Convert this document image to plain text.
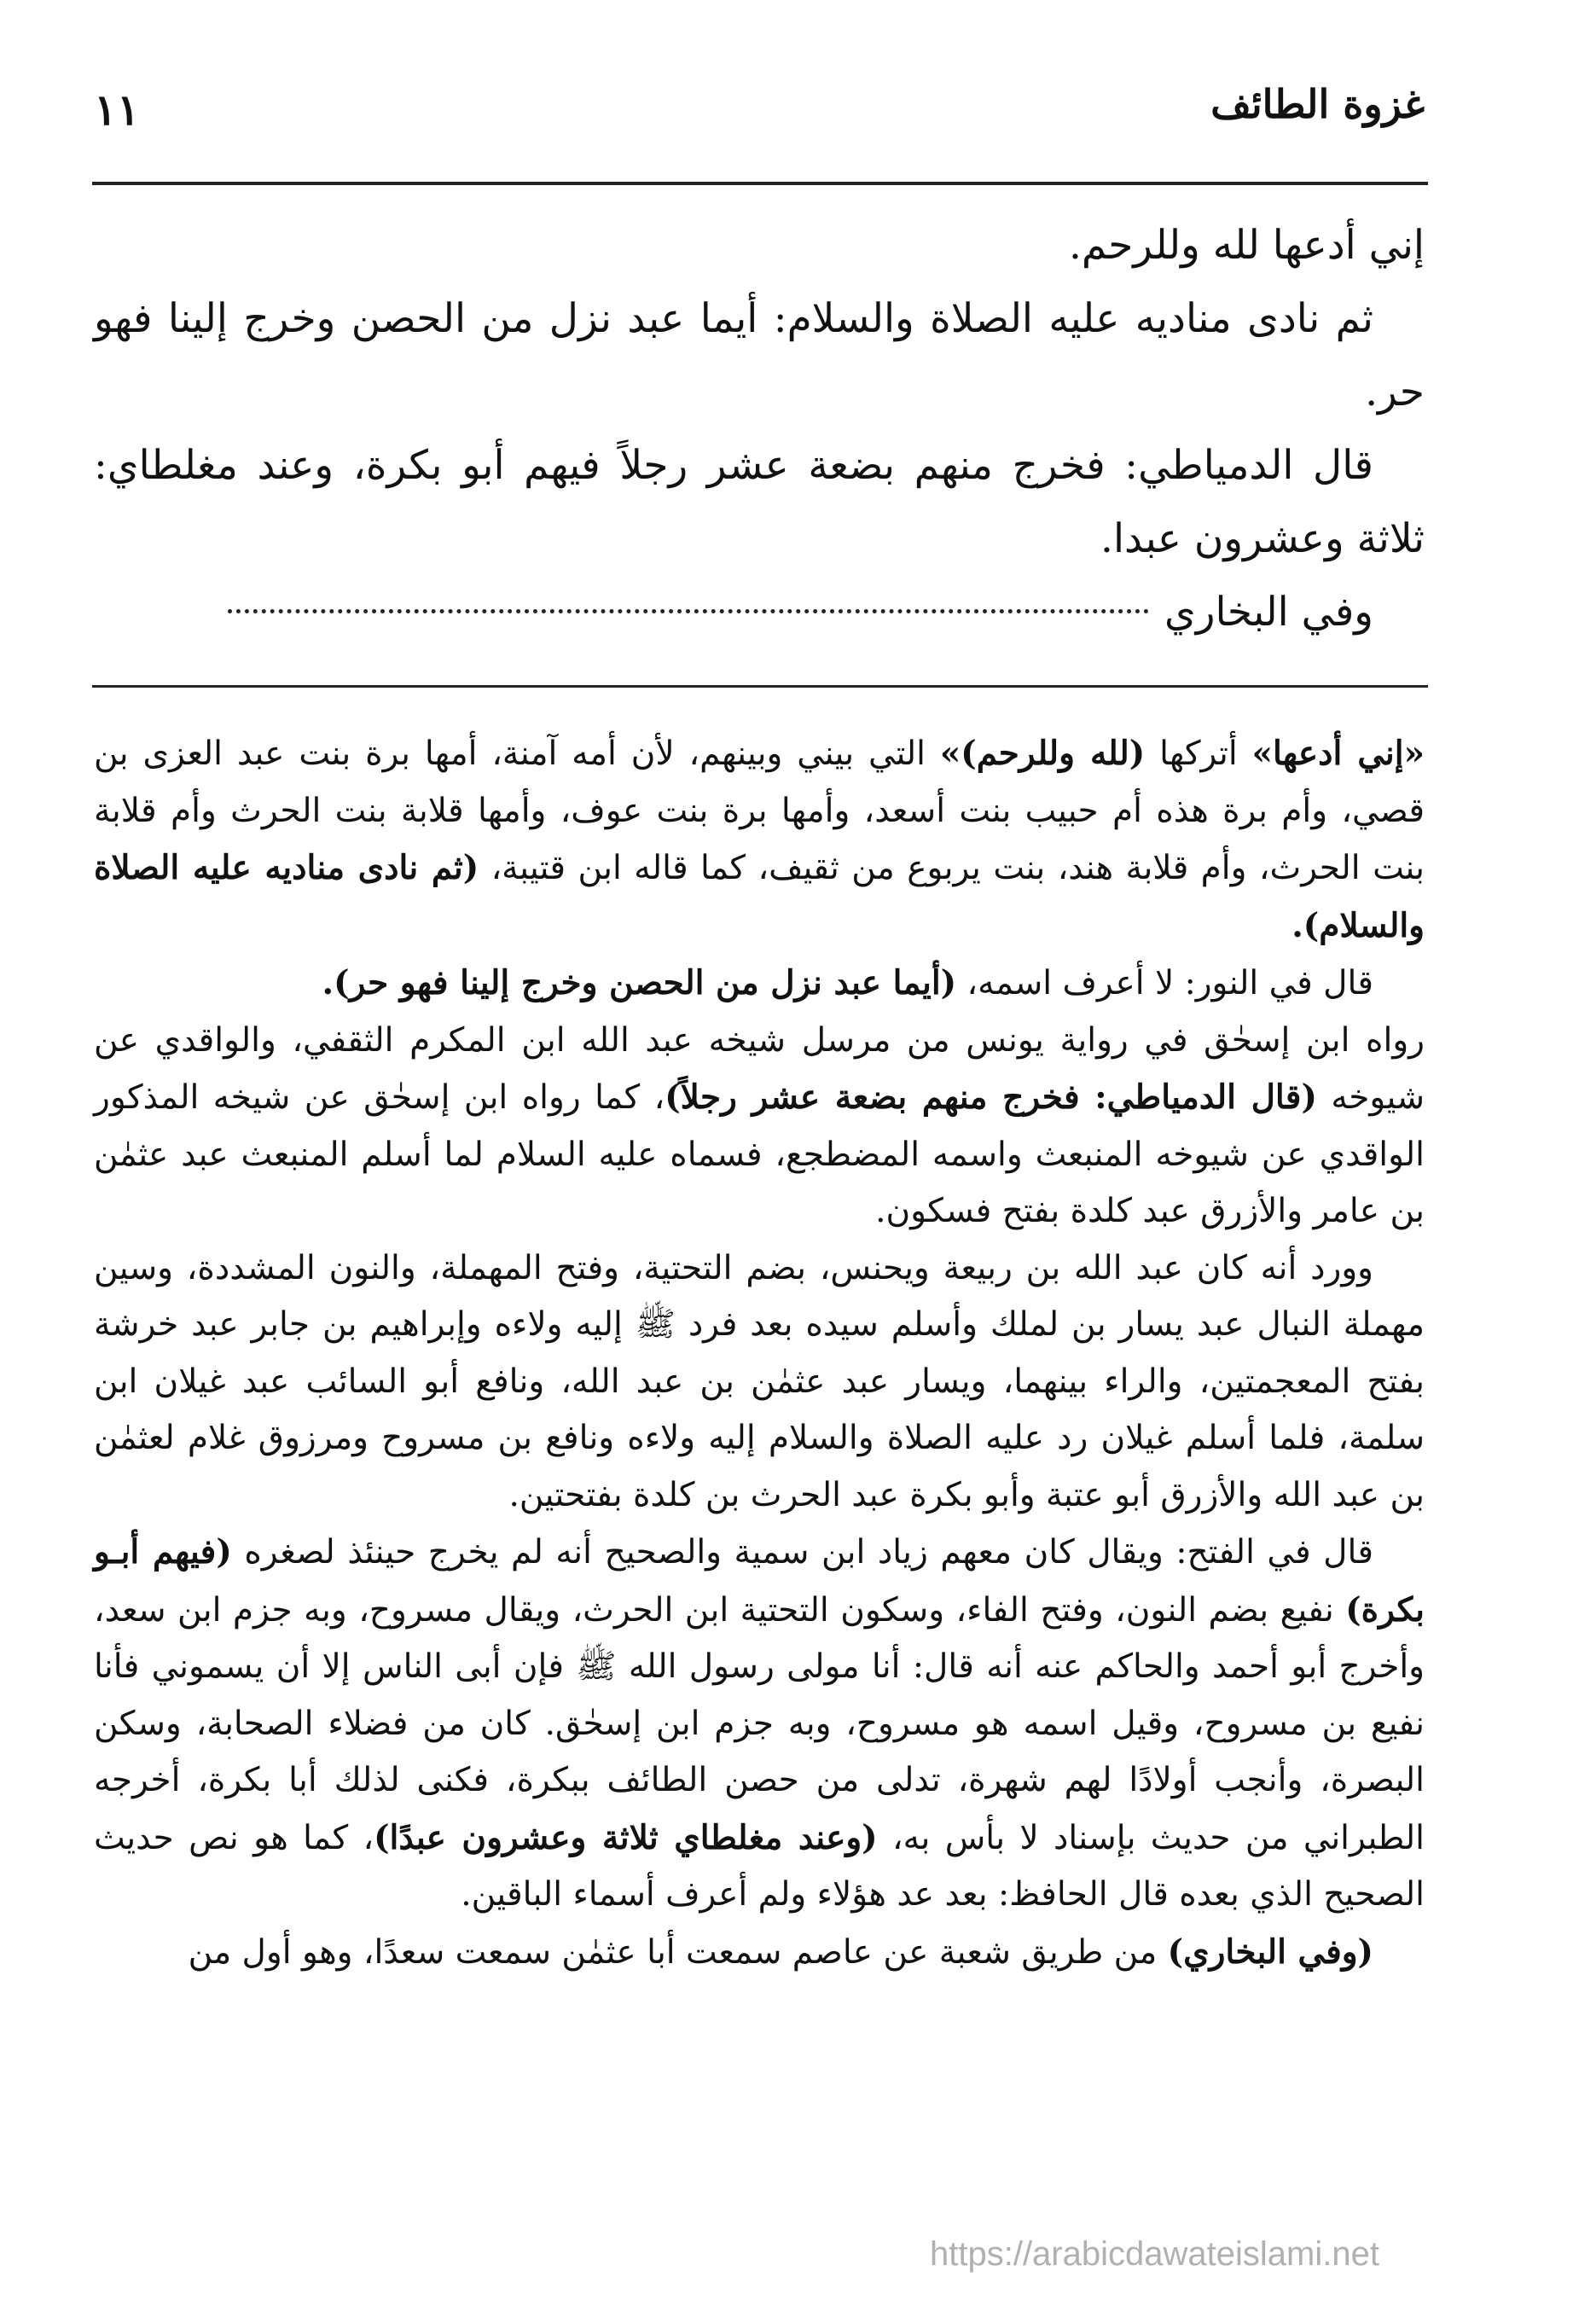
غزوة الطائف
١١

إني أدعها لله وللرحم.

ثم نادى مناديه عليه الصلاة والسلام: أيما عبد نزل من الحصن وخرج إلينا فهو حر.

قال الدمياطي: فخرج منهم بضعة عشر رجلاً فيهم أبو بكرة، وعند مغلطاي: ثلاثة وعشرون عبدا.

وفي البخاري

«إني أدعها» أتركها (لله وللرحم)» التي بيني وبينهم، لأن أمه آمنة، أمها برة بنت عبد العزى بن قصي، وأم برة هذه أم حبيب بنت أسعد، وأمها برة بنت عوف، وأمها قلابة بنت الحرث وأم قلابة بنت الحرث، وأم قلابة هند، بنت يربوع من ثقيف، كما قاله ابن قتيبة، (ثم نادى مناديه عليه الصلاة والسلام).

قال في النور: لا أعرف اسمه، (أيما عبد نزل من الحصن وخرج إلينا فهو حر).

رواه ابن إسحٰق في رواية يونس من مرسل شيخه عبد الله ابن المكرم الثقفي، والواقدي عن شيوخه (قال الدمياطي: فخرج منهم بضعة عشر رجلاً)، كما رواه ابن إسحٰق عن شيخه المذكور الواقدي عن شيوخه المنبعث واسمه المضطجع، فسماه عليه السلام لما أسلم المنبعث عبد عثمٰن بن عامر والأزرق عبد كلدة بفتح فسكون.

وورد أنه كان عبد الله بن ربيعة ويحنس، بضم التحتية، وفتح المهملة، والنون المشددة، وسين مهملة النبال عبد يسار بن لملك وأسلم سيده بعد فرد ﷺ إليه ولاءه وإبراهيم بن جابر عبد خرشة بفتح المعجمتين، والراء بينهما، ويسار عبد عثمٰن بن عبد الله، ونافع أبو السائب عبد غيلان ابن سلمة، فلما أسلم غيلان رد عليه الصلاة والسلام إليه ولاءه ونافع بن مسروح ومرزوق غلام لعثمٰن بن عبد الله والأزرق أبو عتبة وأبو بكرة عبد الحرث بن كلدة بفتحتين.

قال في الفتح: ويقال كان معهم زياد ابن سمية والصحيح أنه لم يخرج حينئذ لصغره (فيهم أبـو بكرة) نفيع بضم النون، وفتح الفاء، وسكون التحتية ابن الحرث، ويقال مسروح، وبه جزم ابن سعد، وأخرج أبو أحمد والحاكم عنه أنه قال: أنا مولى رسول الله ﷺ فإن أبى الناس إلا أن يسموني فأنا نفيع بن مسروح، وقيل اسمه هو مسروح، وبه جزم ابن إسحٰق. كان من فضلاء الصحابة، وسكن البصرة، وأنجب أولادًا لهم شهرة، تدلى من حصن الطائف ببكرة، فكنى لذلك أبا بكرة، أخرجه الطبراني من حديث بإسناد لا بأس به، (وعند مغلطاي ثلاثة وعشرون عبدًا)، كما هو نص حديث الصحيح الذي بعده قال الحافظ: بعد عد هؤلاء ولم أعرف أسماء الباقين.

(وفي البخاري) من طريق شعبة عن عاصم سمعت أبا عثمٰن سمعت سعدًا، وهو أول من

https://arabicdawateislami.net
